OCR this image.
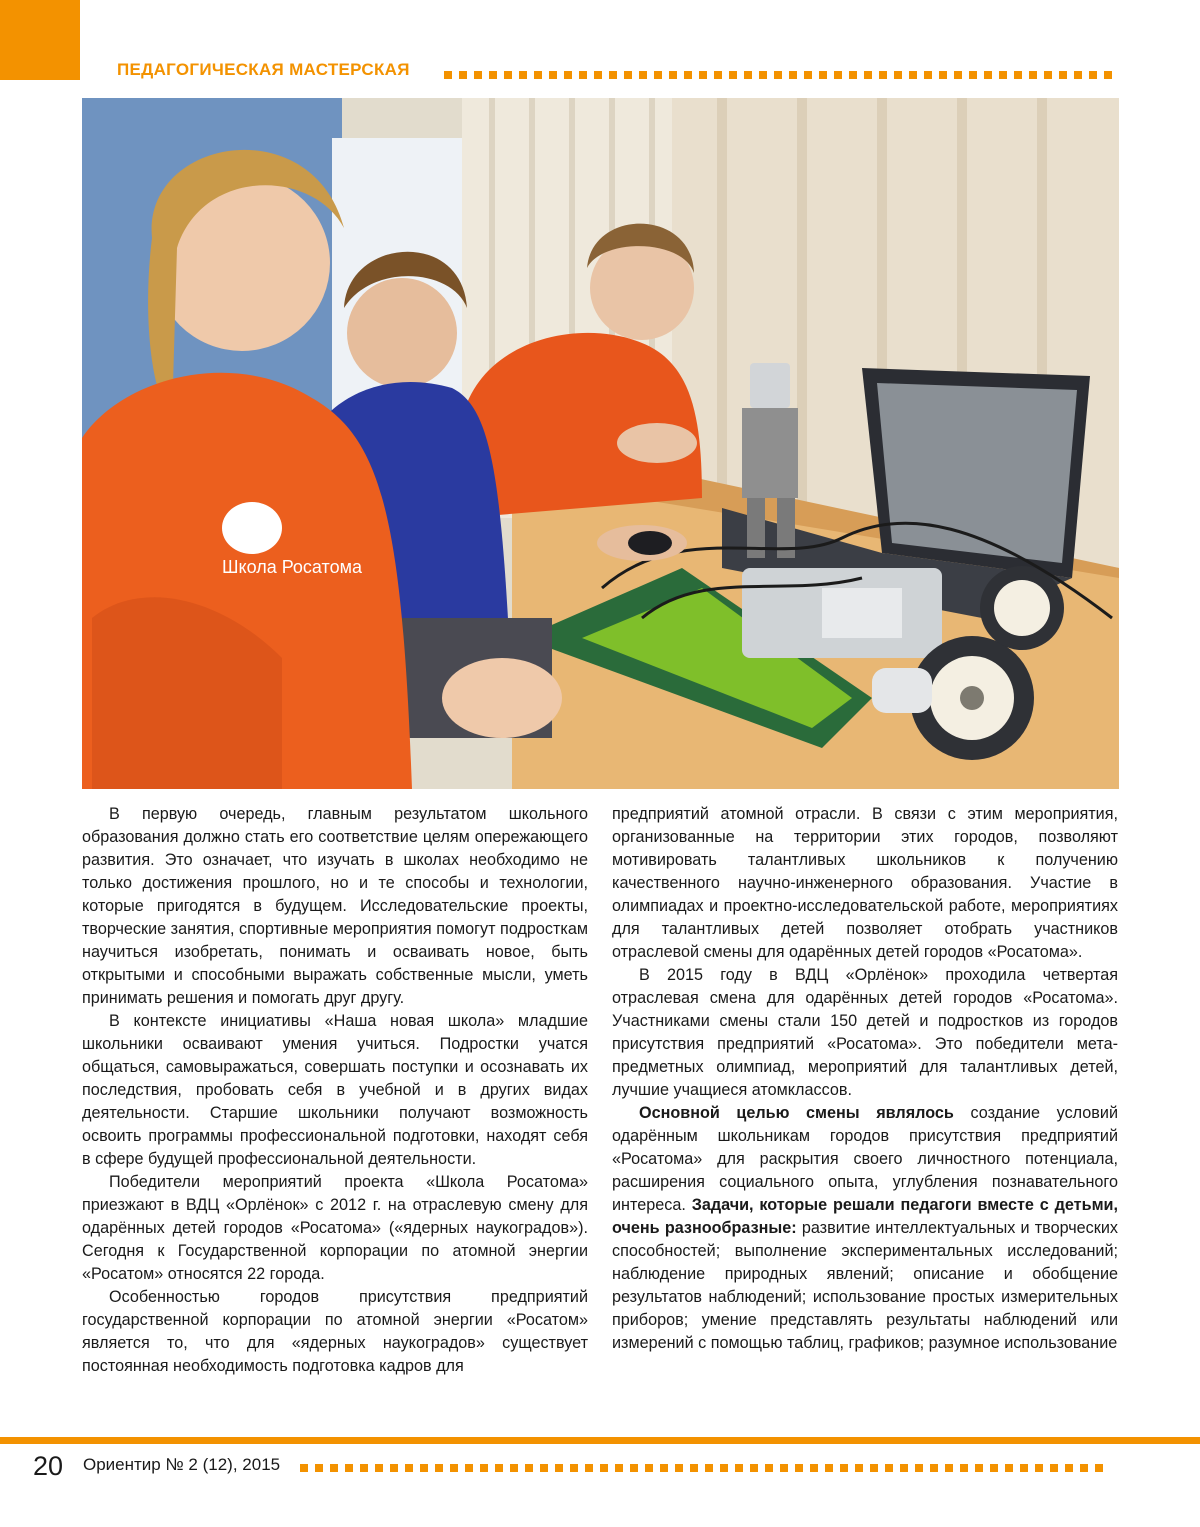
ПЕДАГОГИЧЕСКАЯ МАСТЕРСКАЯ
Школа Росатома

В первую очередь, главным результатом школьного образования должно стать его соответствие целям опережающего развития. Это означает, что изучать в школах необходимо не только достижения прошлого, но и те способы и технологии, которые пригодятся в будущем. Исследовательские проекты, творческие занятия, спортивные мероприятия помогут подросткам научиться изобретать, понимать и осваивать новое, быть открытыми и способными выражать собственные мысли, уметь принимать решения и помогать друг другу.

В контексте инициативы «Наша новая школа» младшие школьники осваивают умения учиться. Подростки учатся общаться, самовыражаться, совершать поступки и осознавать их последствия, пробовать себя в учебной и в других видах деятельности. Старшие школьники получают возможность освоить программы профессиональной подготовки, находят себя в сфере будущей профессиональной деятельности.

Победители мероприятий проекта «Школа Росатома» приезжают в ВДЦ «Орлёнок» с 2012 г. на отраслевую смену для одарённых детей городов «Росатома» («ядерных наукоградов»). Сегодня к Государственной корпорации по атомной энергии «Росатом» относятся 22 города.

Особенностью городов присутствия предприятий государственной корпорации по атомной энергии «Росатом» является то, что для «ядерных наукоградов» существует постоянная необходимость подготовка кадров для

предприятий атомной отрасли. В связи с этим мероприятия, организованные на территории этих городов, позволяют мотивировать талантливых школьников к получению качественного научно-инженерного образования. Участие в олимпиадах и проектно-исследовательской работе, мероприятиях для талантливых детей позволяет отобрать участников отраслевой смены для одарённых детей городов «Росатома».

В 2015 году в ВДЦ «Орлёнок» проходила четвертая отраслевая смена для одарённых детей городов «Росатома». Участниками смены стали 150 детей и подростков из городов присутствия предприятий «Росатома». Это победители мета-предметных олимпиад, мероприятий для талантливых детей, лучшие учащиеся атомклассов.

Основной целью смены являлось создание условий одарённым школьникам городов присутствия предприятий «Росатома» для раскрытия своего личностного потенциала, расширения социального опыта, углубления познавательного интереса. Задачи, которые решали педагоги вместе с детьми, очень разнообразные: развитие интеллектуальных и творческих способностей; выполнение экспериментальных исследований; наблюдение природных явлений; описание и обобщение результатов наблюдений; использование простых измерительных приборов; умение представлять результаты наблюдений или измерений с помощью таблиц, графиков; разумное использование

20 Ориентир № 2 (12), 2015
